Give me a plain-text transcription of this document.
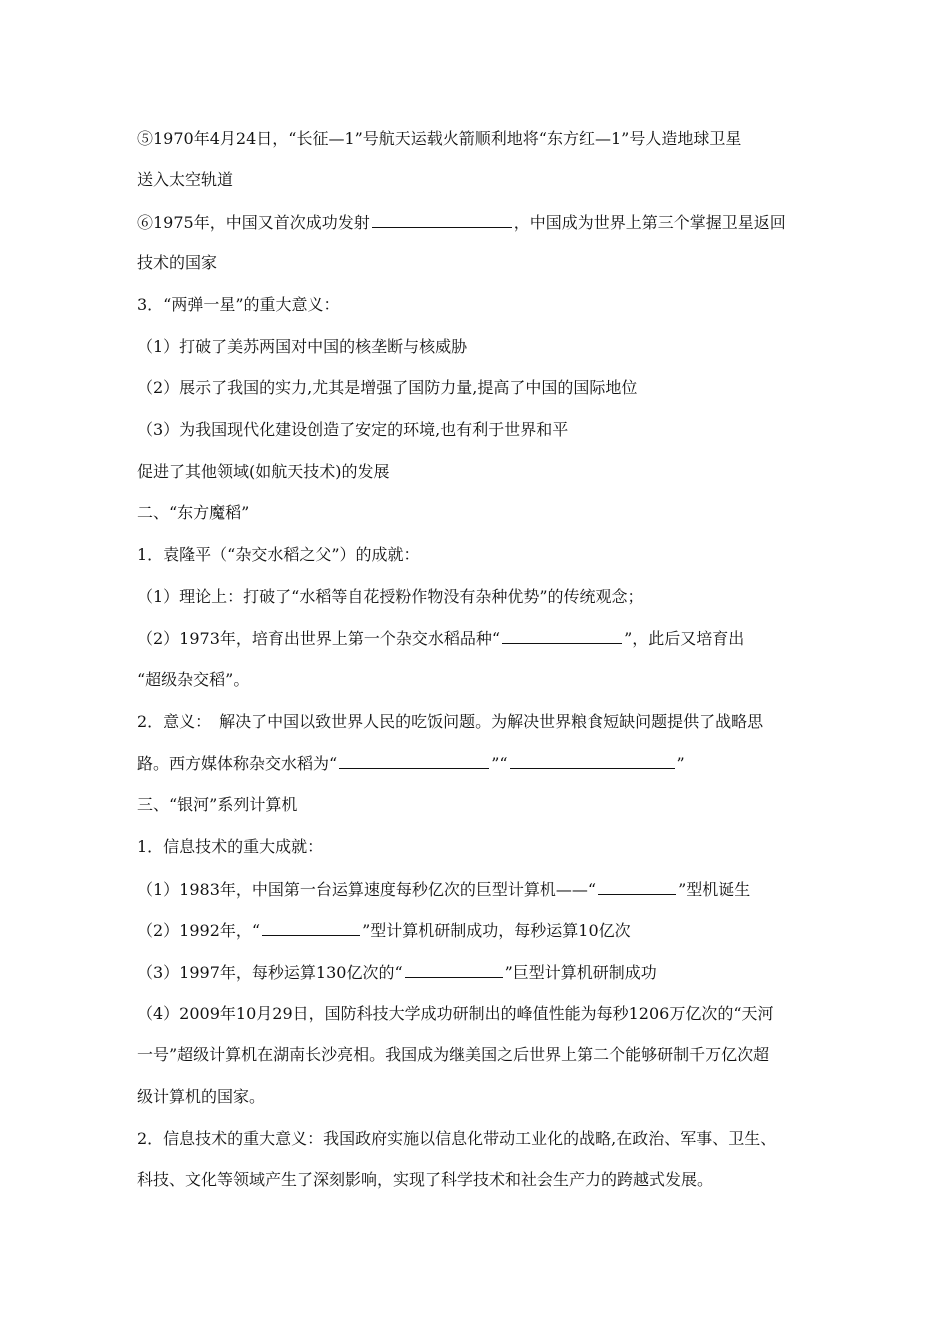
⑤1970年4月24日，“长征—1”号航天运载火箭顺利地将“东方红—1”号人造地球卫星
送入太空轨道
⑥1975年，中国又首次成功发射	，中国成为世界上第三个掌握卫星返回
技术的国家
3．“两弹一星”的重大意义：
（1）打破了美苏两国对中国的核垄断与核威胁
（2）展示了我国的实力,尤其是增强了国防力量,提高了中国的国际地位
（3）为我国现代化建设创造了安定的环境,也有利于世界和平
促进了其他领域(如航天技术)的发展
二、“东方魔稻”
1．袁隆平（“杂交水稻之父”）的成就：
（1）理论上：打破了“水稻等自花授粉作物没有杂种优势”的传统观念；
（2）1973年，培育出世界上第一个杂交水稻品种“	”，此后又培育出
“超级杂交稻”。
2．意义：　解决了中国以致世界人民的吃饭问题。为解决世界粮食短缺问题提供了战略思
路。西方媒体称杂交水稻为“	”“	”
三、“银河”系列计算机
1．信息技术的重大成就：
（1）1983年，中国第一台运算速度每秒亿次的巨型计算机——“	”型机诞生
（2）1992年，“	”型计算机研制成功，每秒运算10亿次
（3）1997年，每秒运算130亿次的“	”巨型计算机研制成功
（4）2009年10月29日，国防科技大学成功研制出的峰值性能为每秒1206万亿次的“天河
一号”超级计算机在湖南长沙亮相。我国成为继美国之后世界上第二个能够研制千万亿次超
级计算机的国家。
2．信息技术的重大意义：我国政府实施以信息化带动工业化的战略,在政治、军事、卫生、
科技、文化等领域产生了深刻影响，实现了科学技术和社会生产力的跨越式发展。
